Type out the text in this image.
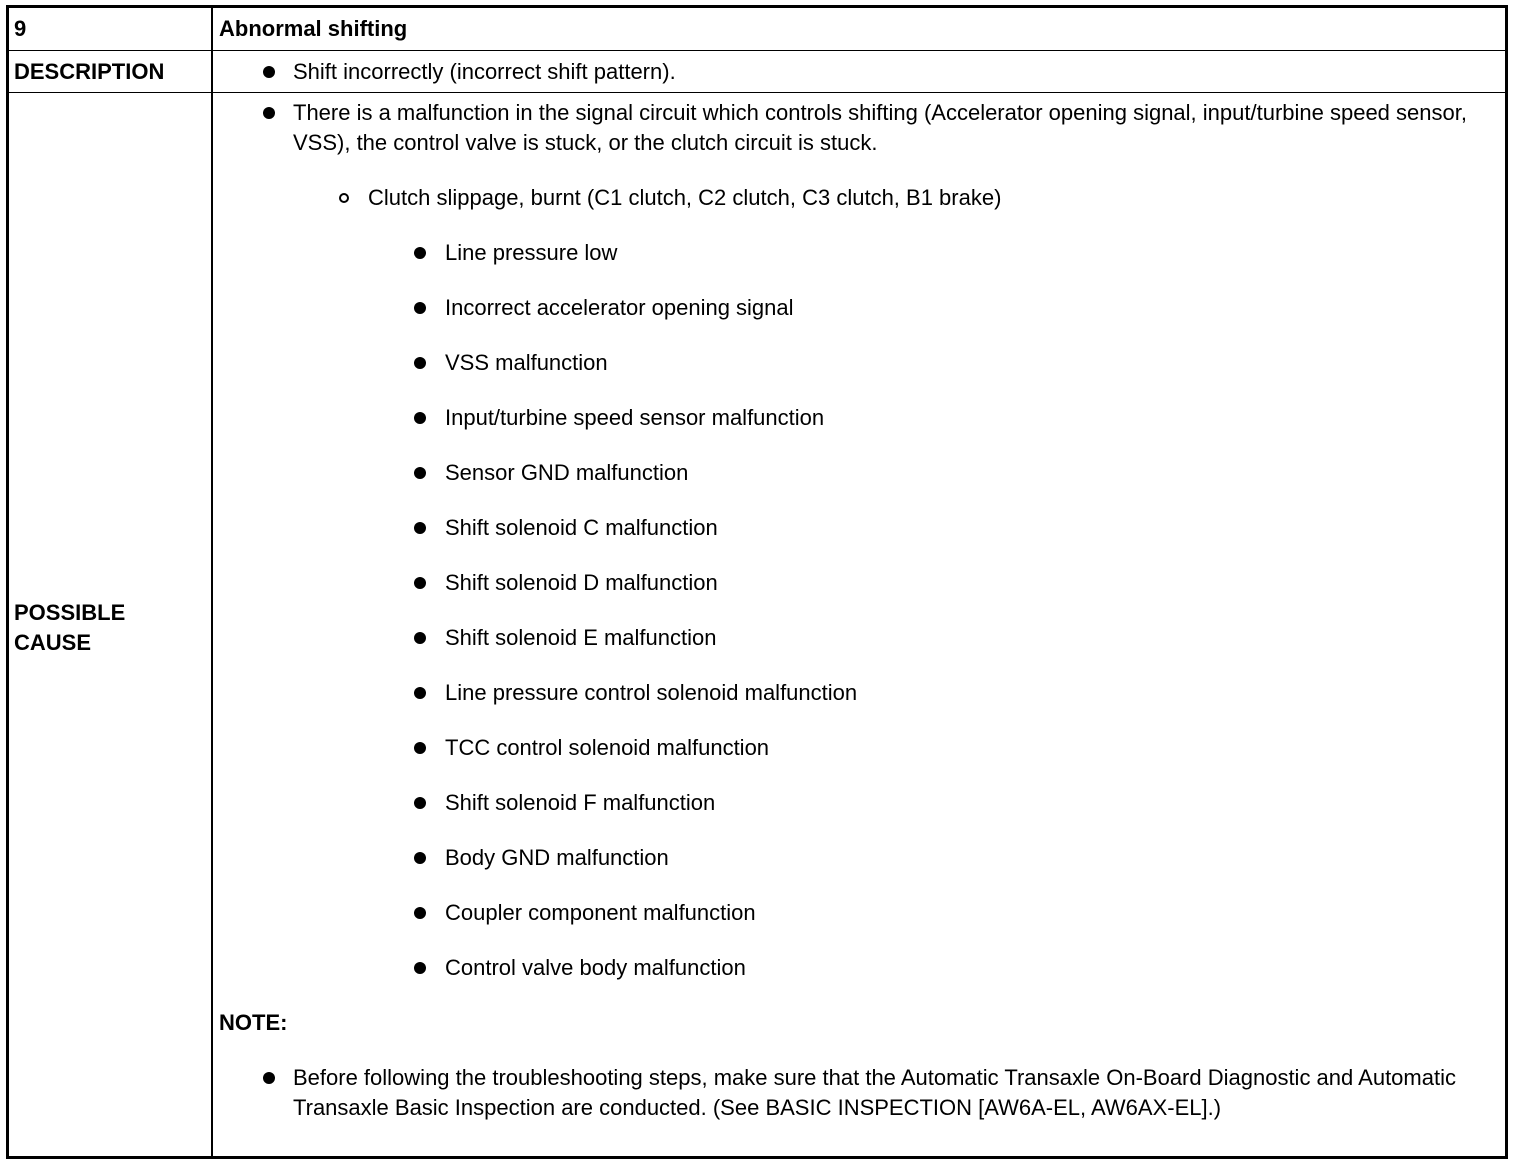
9	Abnormal shifting
DESCRIPTION	Shift incorrectly (incorrect shift pattern).
POSSIBLE
CAUSE
There is a malfunction in the signal circuit which controls shifting (Accelerator opening signal, input/turbine speed sensor, VSS), the control valve is stuck, or the clutch circuit is stuck.
Clutch slippage, burnt (C1 clutch, C2 clutch, C3 clutch, B1 brake)
Line pressure low
Incorrect accelerator opening signal
VSS malfunction
Input/turbine speed sensor malfunction
Sensor GND malfunction
Shift solenoid C malfunction
Shift solenoid D malfunction
Shift solenoid E malfunction
Line pressure control solenoid malfunction
TCC control solenoid malfunction
Shift solenoid F malfunction
Body GND malfunction
Coupler component malfunction
Control valve body malfunction
NOTE:
Before following the troubleshooting steps, make sure that the Automatic Transaxle On-Board Diagnostic and Automatic Transaxle Basic Inspection are conducted. (See BASIC INSPECTION [AW6A-EL, AW6AX-EL].)
